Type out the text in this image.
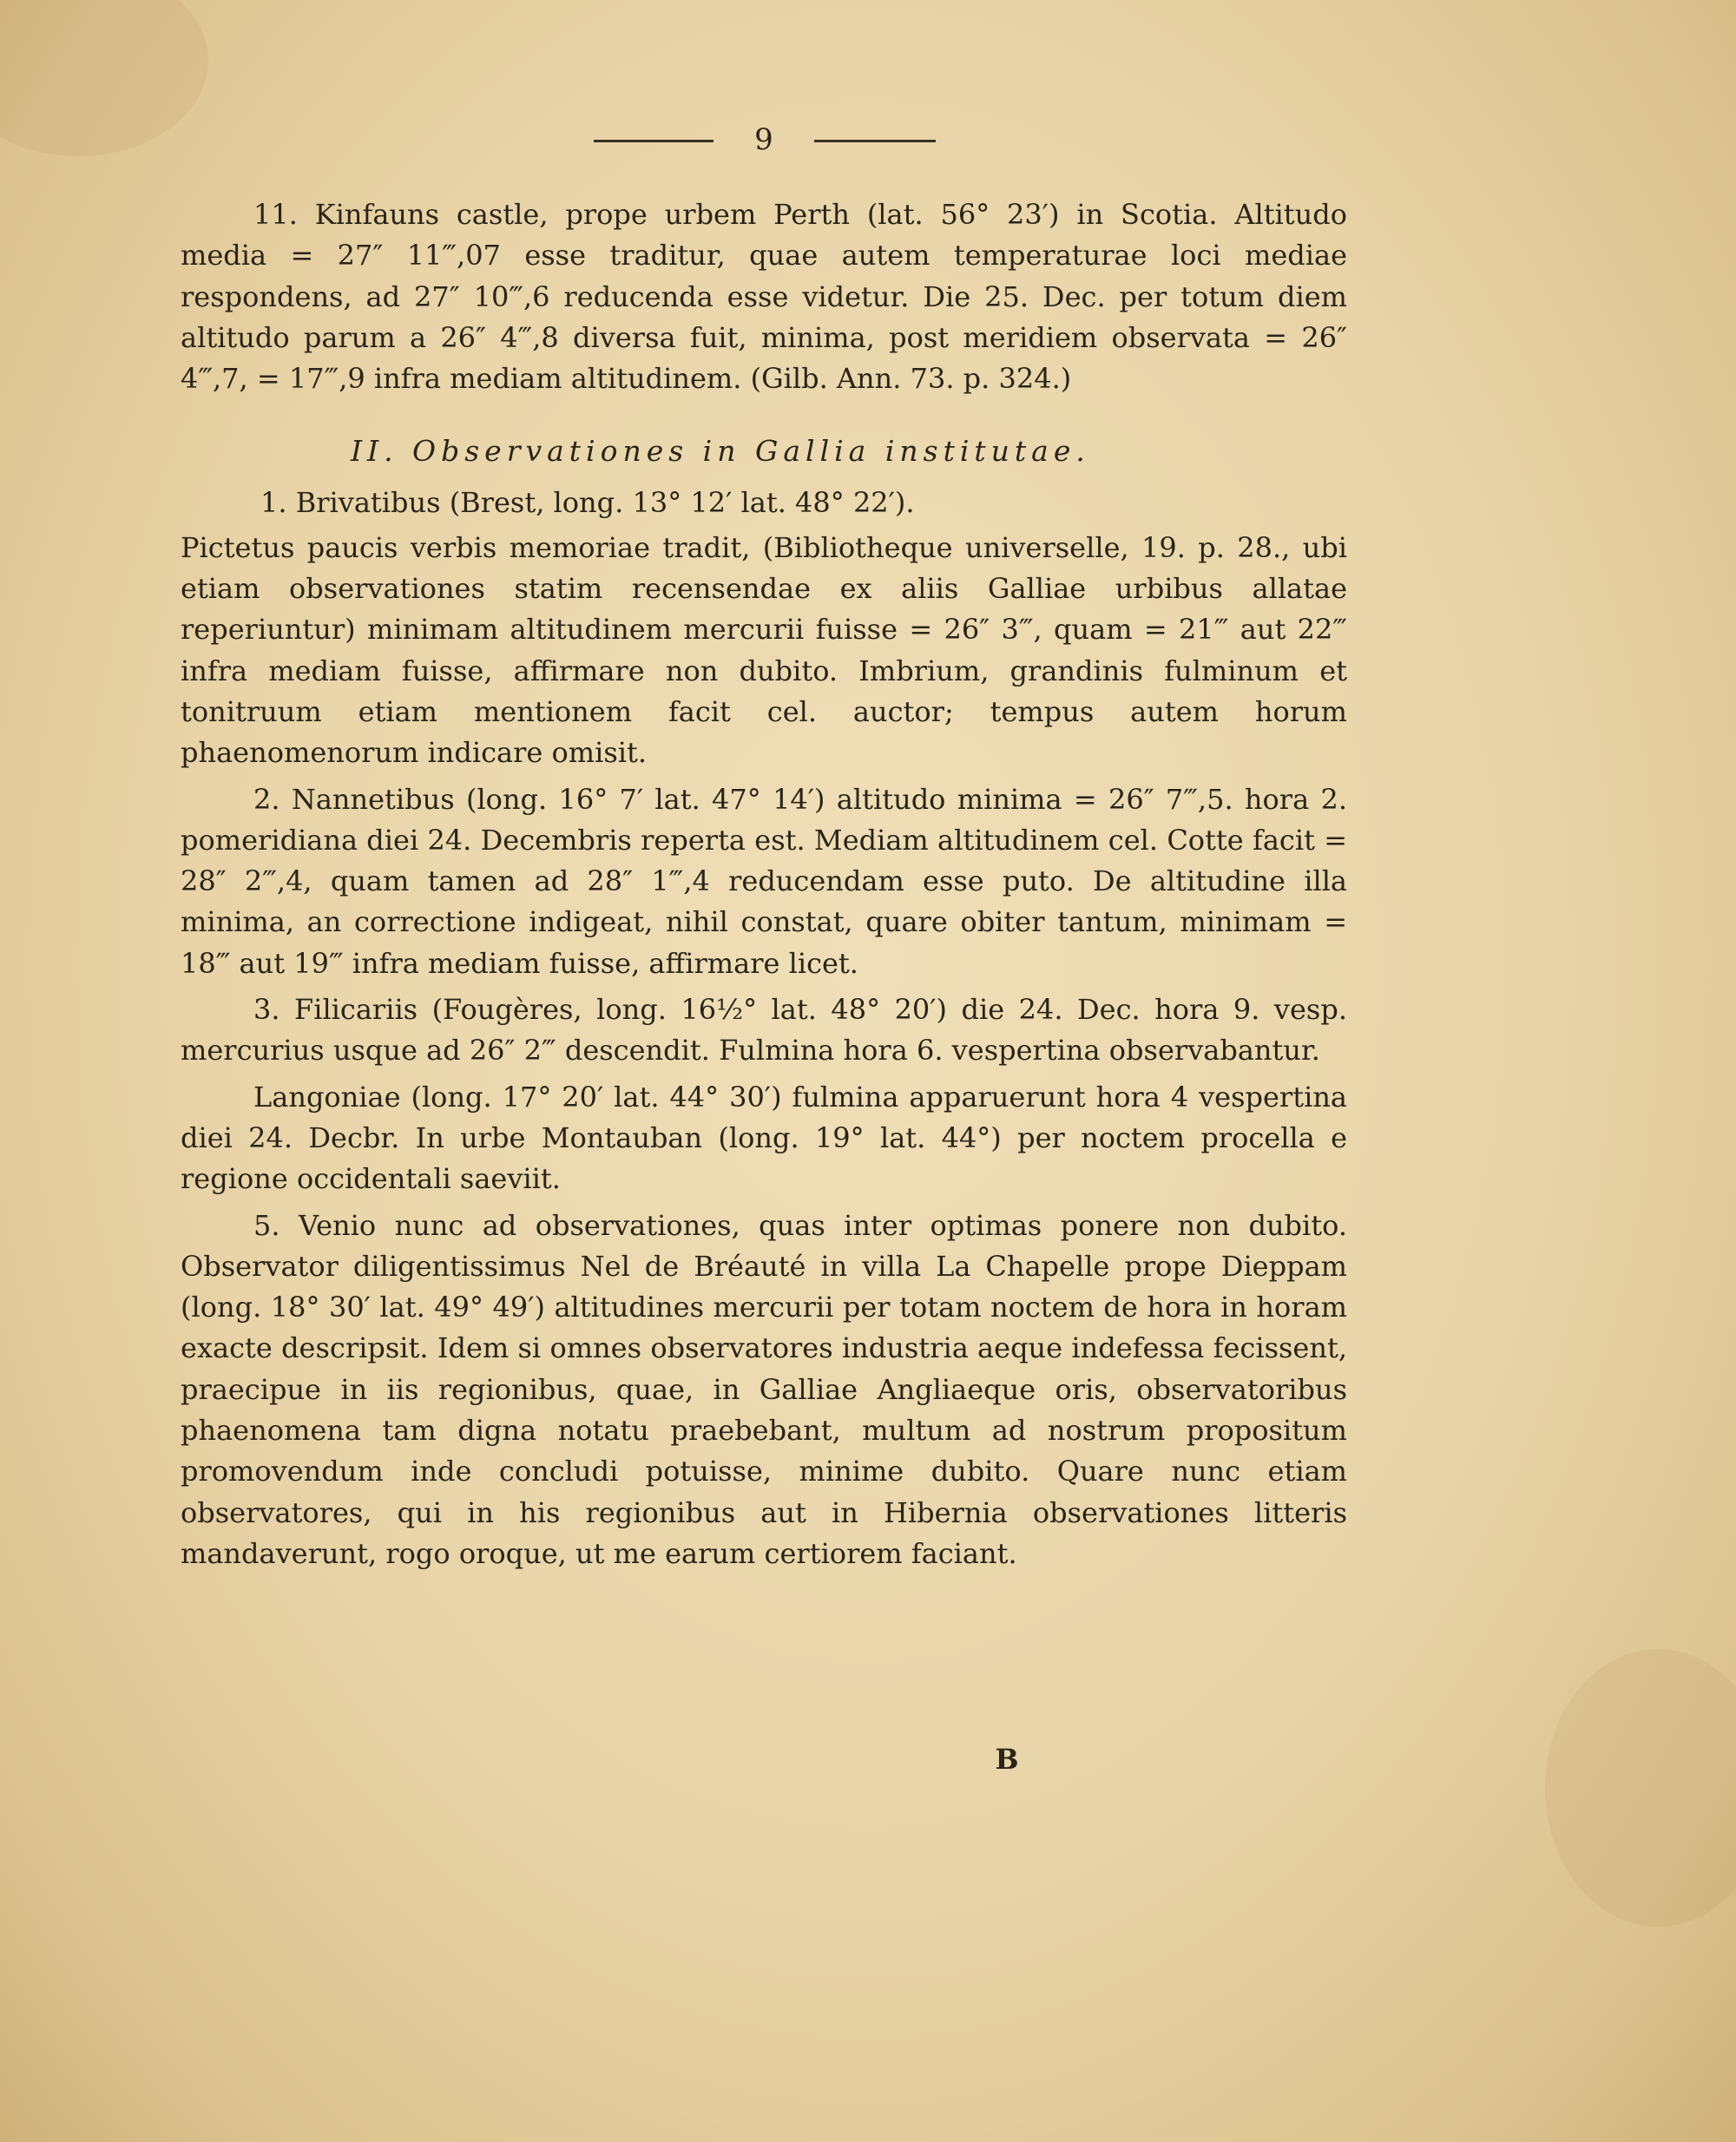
9

11. Kinfauns castle, prope urbem Perth (lat. 56° 23′) in Scotia. Altitudo media = 27″ 11‴,07 esse traditur, quae autem temperaturae loci mediae respondens, ad 27″ 10‴,6 reducenda esse videtur. Die 25. Dec. per totum diem altitudo parum a 26″ 4‴,8 diversa fuit, minima, post meridiem observata = 26″ 4‴,7, = 17‴,9 infra mediam altitudinem. (Gilb. Ann. 73. p. 324.)

II. Observationes in Gallia institutae.

1. Brivatibus (Brest, long. 13° 12′ lat. 48° 22′).

Pictetus paucis verbis memoriae tradit, (Bibliotheque universelle, 19. p. 28., ubi etiam observationes statim recensendae ex aliis Galliae urbibus allatae reperiuntur) minimam altitudinem mercurii fuisse = 26″ 3‴, quam = 21‴ aut 22‴ infra mediam fuisse, affirmare non dubito. Imbrium, grandinis fulminum et tonitruum etiam mentionem facit cel. auctor; tempus autem horum phaenomenorum indicare omisit.

2. Nannetibus (long. 16° 7′ lat. 47° 14′) altitudo minima = 26″ 7‴,5. hora 2. pomeridiana diei 24. Decembris reperta est. Mediam altitudinem cel. Cotte facit = 28″ 2‴,4, quam tamen ad 28″ 1‴,4 reducendam esse puto. De altitudine illa minima, an correctione indigeat, nihil constat, quare obiter tantum, minimam = 18‴ aut 19‴ infra mediam fuisse, affirmare licet.

3. Filicariis (Fougères, long. 16½° lat. 48° 20′) die 24. Dec. hora 9. vesp. mercurius usque ad 26″ 2‴ descendit. Fulmina hora 6. vespertina observabantur.

Langoniae (long. 17° 20′ lat. 44° 30′) fulmina apparuerunt hora 4 vespertina diei 24. Decbr. In urbe Montauban (long. 19° lat. 44°) per noctem procella e regione occidentali saeviit.

5. Venio nunc ad observationes, quas inter optimas ponere non dubito. Observator diligentissimus Nel de Bréauté in villa La Chapelle prope Dieppam (long. 18° 30′ lat. 49° 49′) altitudines mercurii per totam noctem de hora in horam exacte descripsit. Idem si omnes observatores industria aeque indefessa fecissent, praecipue in iis regionibus, quae, in Galliae Angliaeque oris, observatoribus phaenomena tam digna notatu praebebant, multum ad nostrum propositum promovendum inde concludi potuisse, minime dubito. Quare nunc etiam observatores, qui in his regionibus aut in Hibernia observationes litteris mandaverunt, rogo oroque, ut me earum certiorem faciant.

B
